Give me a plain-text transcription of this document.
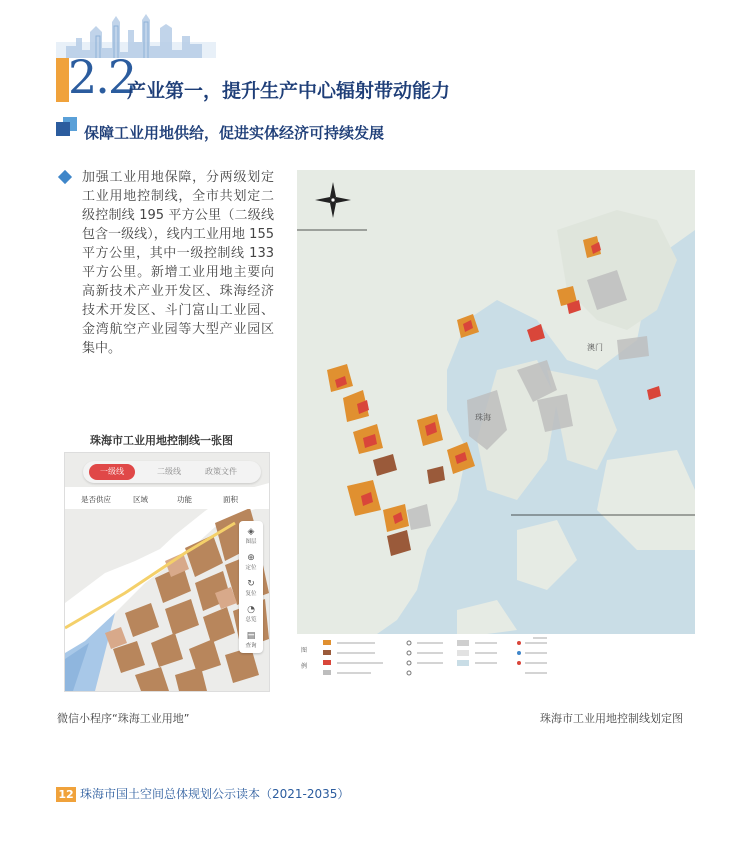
2.2
产业第一，提升生产中心辐射带动能力
保障工业用地供给，促进实体经济可持续发展
加强工业用地保障，分两级划定工业用地控制线，全市共划定二级控制线 195 平方公里（二级线包含一级线），线内工业用地 155 平方公里，其中一级控制线 133 平方公里。新增工业用地主要向高新技术产业开发区、珠海经济技术开发区、斗门富山工业园、金湾航空产业园等大型产业园区集中。
珠海市工业用地控制线一张图
一级线	二级线	政策文件
是否供应	区域	功能	面积
◈
图层
⊕
定位
↻
复位
◔
总览
▤
查询
珠海
澳门
图
例
微信小程序“珠海工业用地”	珠海市工业用地控制线划定图
12 珠海市国土空间总体规划公示读本（2021-2035）
